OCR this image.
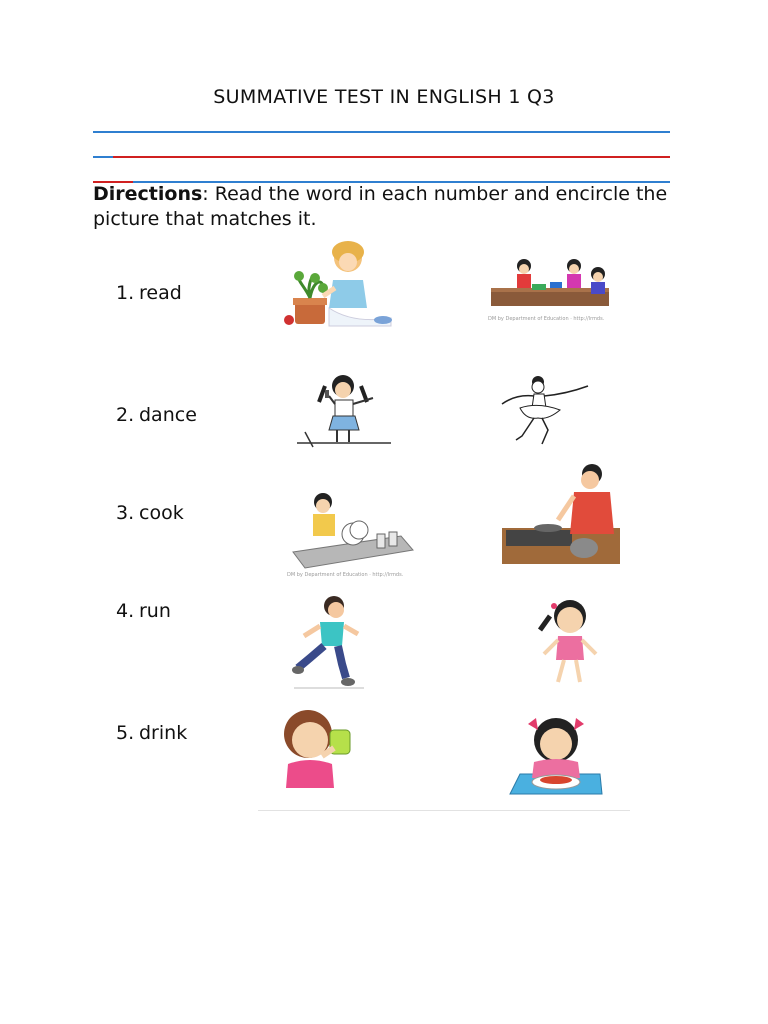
SUMMATIVE TEST IN ENGLISH 1 Q3
Directions: Read the word in each number and encircle the picture that matches it.
1. read
DM by Department of Education · http://lrmds.
2. dance
3. cook
DM by Department of Education · http://lrmds.
4. run
5. drink
